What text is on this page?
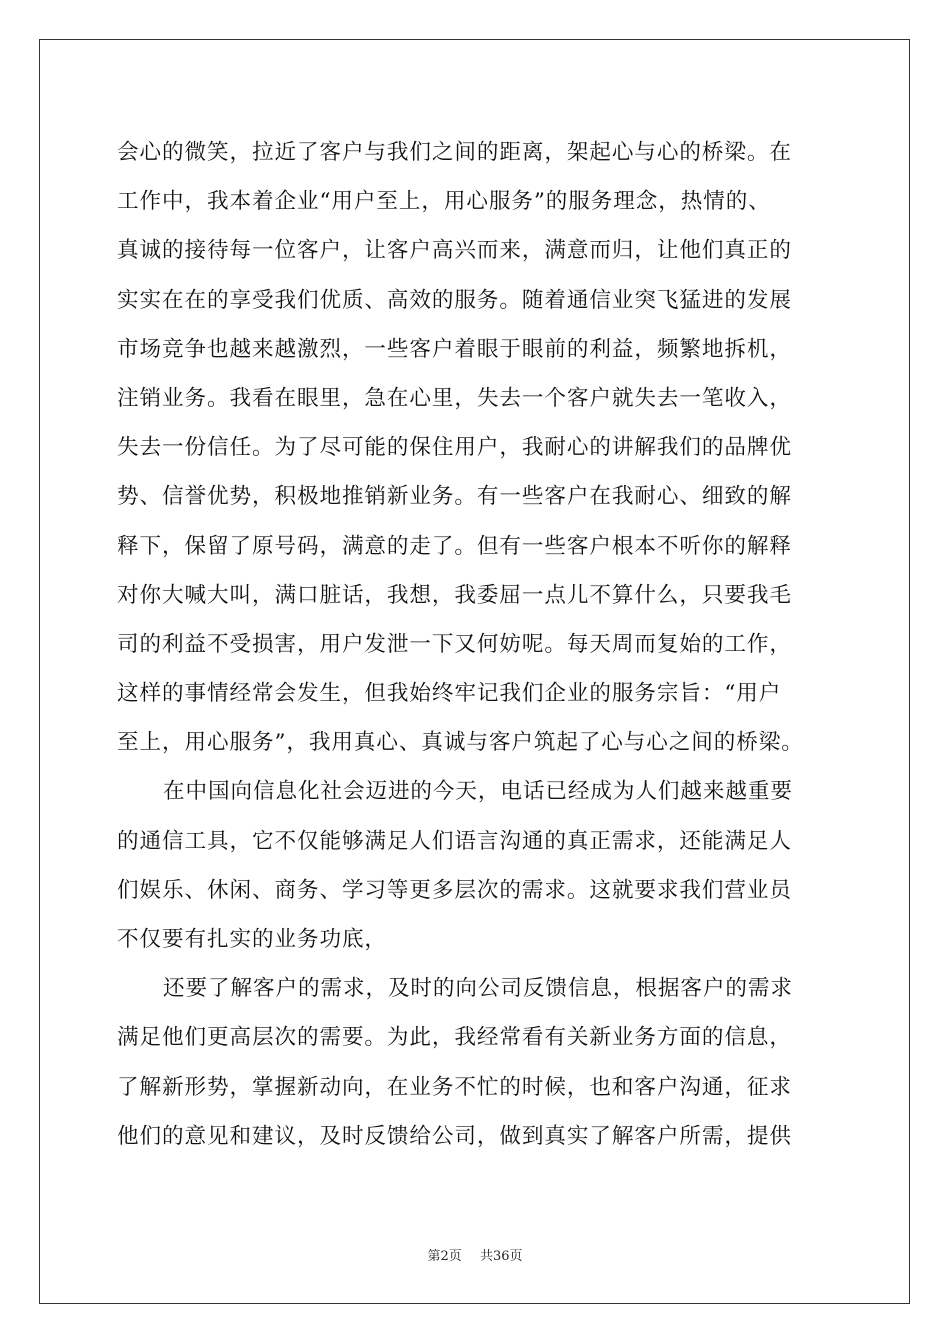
会心的微笑，拉近了客户与我们之间的距离，架起心与心的桥梁。在
工作中，我本着企业“用户至上，用心服务”的服务理念，热情的、
真诚的接待每一位客户，让客户高兴而来，满意而归，让他们真正的
实实在在的享受我们优质、高效的服务。随着通信业突飞猛进的发展
市场竞争也越来越激烈，一些客户着眼于眼前的利益，频繁地拆机，
注销业务。我看在眼里，急在心里，失去一个客户就失去一笔收入，
失去一份信任。为了尽可能的保住用户，我耐心的讲解我们的品牌优
势、信誉优势，积极地推销新业务。有一些客户在我耐心、细致的解
释下，保留了原号码，满意的走了。但有一些客户根本不听你的解释
对你大喊大叫，满口脏话，我想，我委屈一点儿不算什么，只要我毛
司的利益不受损害，用户发泄一下又何妨呢。每天周而复始的工作，
这样的事情经常会发生，但我始终牢记我们企业的服务宗旨：“用户
至上，用心服务”，我用真心、真诚与客户筑起了心与心之间的桥梁。
在中国向信息化社会迈进的今天，电话已经成为人们越来越重要
的通信工具，它不仅能够满足人们语言沟通的真正需求，还能满足人
们娱乐、休闲、商务、学习等更多层次的需求。这就要求我们营业员
不仅要有扎实的业务功底，
还要了解客户的需求，及时的向公司反馈信息，根据客户的需求
满足他们更高层次的需要。为此，我经常看有关新业务方面的信息，
了解新形势，掌握新动向，在业务不忙的时候，也和客户沟通，征求
他们的意见和建议，及时反馈给公司，做到真实了解客户所需，提供
第2页 共36页
